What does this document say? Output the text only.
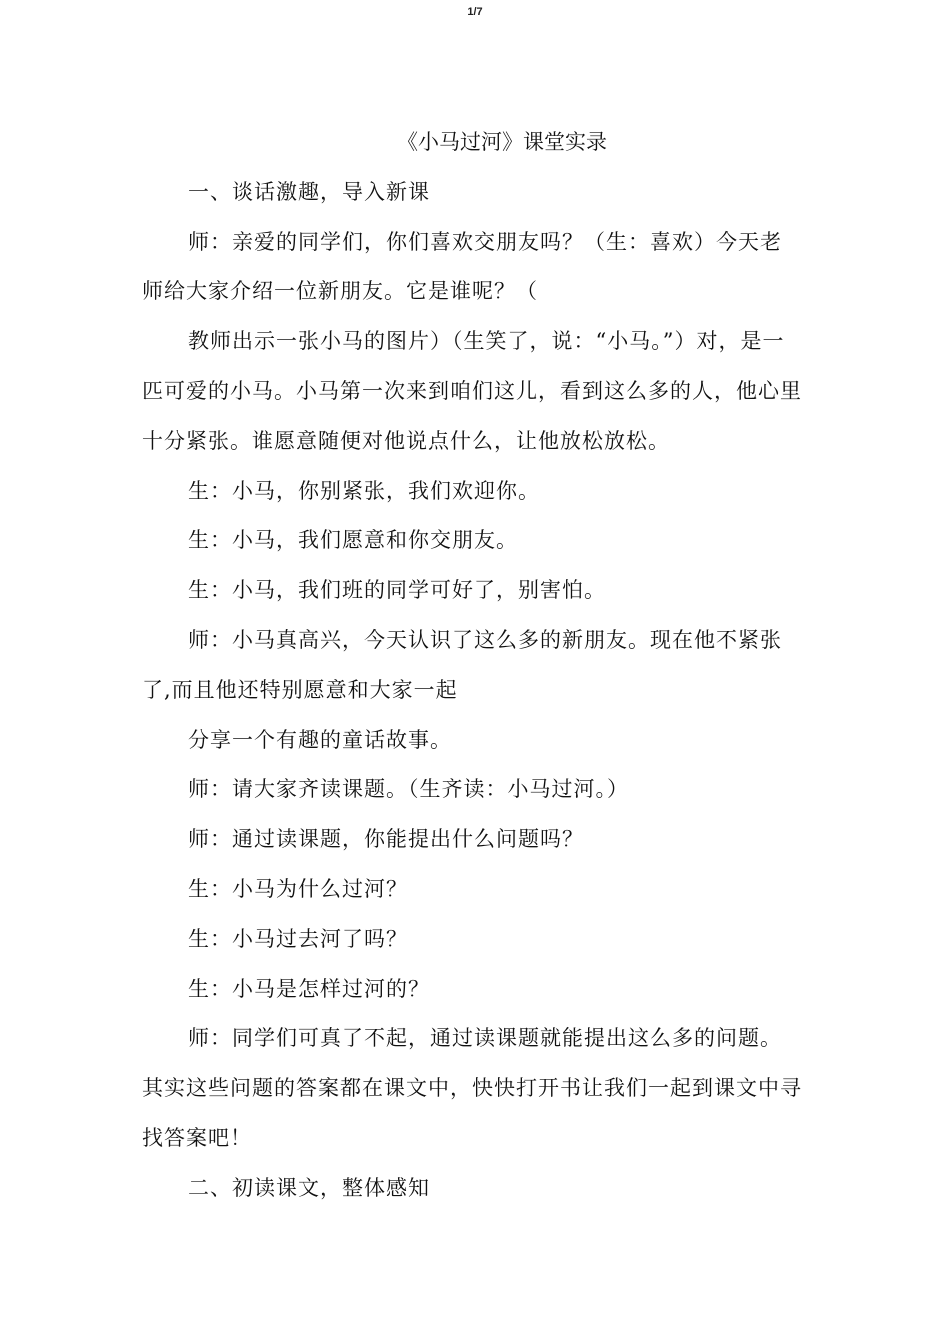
1/7
《小马过河》课堂实录

一、谈话激趣，导入新课

师：亲爱的同学们，你们喜欢交朋友吗？（生：喜欢）今天老师给大家介绍一位新朋友。它是谁呢？（

教师出示一张小马的图片）（生笑了，说：“小马。”）对，是一匹可爱的小马。小马第一次来到咱们这儿，看到这么多的人，他心里十分紧张。谁愿意随便对他说点什么，让他放松放松。

生：小马，你别紧张，我们欢迎你。

生：小马，我们愿意和你交朋友。

生：小马，我们班的同学可好了，别害怕。

师：小马真高兴，今天认识了这么多的新朋友。现在他不紧张了,而且他还特别愿意和大家一起

分享一个有趣的童话故事。

师：请大家齐读课题。（生齐读：小马过河。）

师：通过读课题，你能提出什么问题吗？

生：小马为什么过河？

生：小马过去河了吗？

生：小马是怎样过河的？

师：同学们可真了不起，通过读课题就能提出这么多的问题。其实这些问题的答案都在课文中，快快打开书让我们一起到课文中寻找答案吧！

二、初读课文，整体感知
